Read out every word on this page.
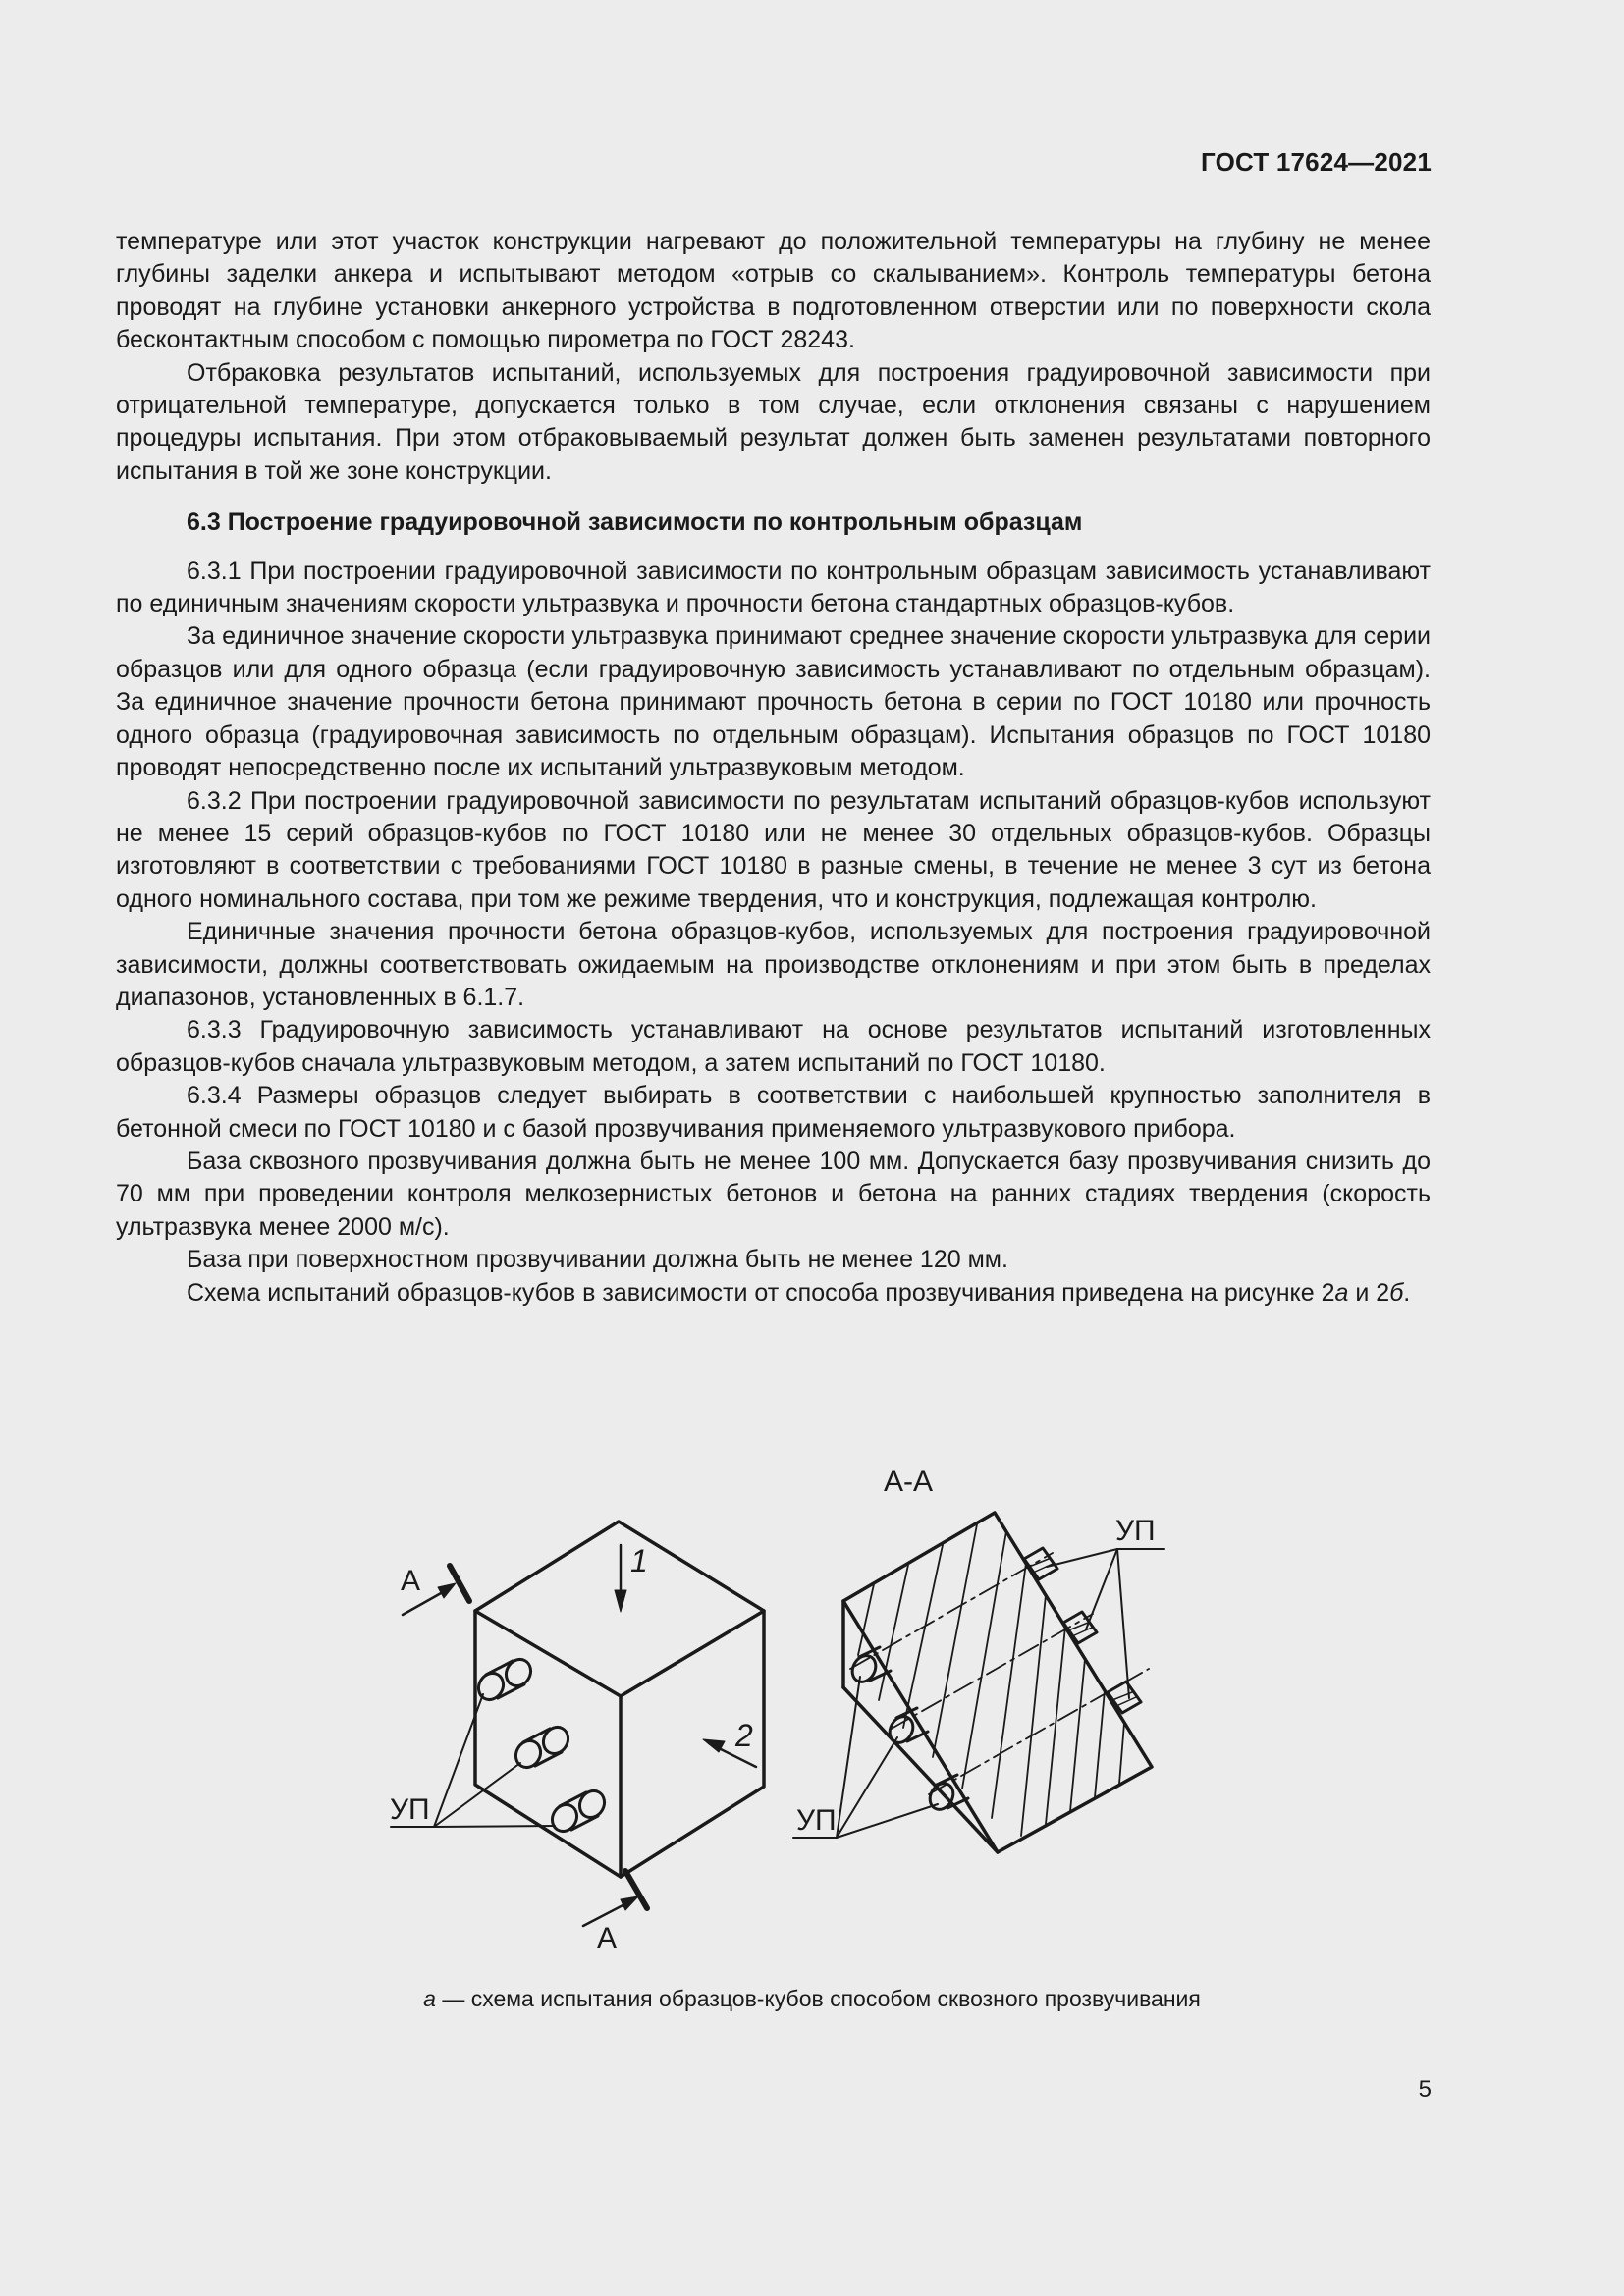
ГОСТ 17624—2021

температуре или этот участок конструкции нагревают до положительной температуры на глубину не менее глубины заделки анкера и испытывают методом «отрыв со скалыванием». Контроль температуры бетона проводят на глубине установки анкерного устройства в подготовленном отверстии или по поверхности скола бесконтактным способом с помощью пирометра по ГОСТ 28243.

Отбраковка результатов испытаний, используемых для построения градуировочной зависимости при отрицательной температуре, допускается только в том случае, если отклонения связаны с нарушением процедуры испытания. При этом отбраковываемый результат должен быть заменен результатами повторного испытания в той же зоне конструкции.

6.3 Построение градуировочной зависимости по контрольным образцам

6.3.1 При построении градуировочной зависимости по контрольным образцам зависимость устанавливают по единичным значениям скорости ультразвука и прочности бетона стандартных образцов-кубов.

За единичное значение скорости ультразвука принимают среднее значение скорости ультразвука для серии образцов или для одного образца (если градуировочную зависимость устанавливают по отдельным образцам). За единичное значение прочности бетона принимают прочность бетона в серии по ГОСТ 10180 или прочность одного образца (градуировочная зависимость по отдельным образцам). Испытания образцов по ГОСТ 10180 проводят непосредственно после их испытаний ультразвуковым методом.

6.3.2 При построении градуировочной зависимости по результатам испытаний образцов-кубов используют не менее 15 серий образцов-кубов по ГОСТ 10180 или не менее 30 отдельных образцов-кубов. Образцы изготовляют в соответствии с требованиями ГОСТ 10180 в разные смены, в течение не менее 3 сут из бетона одного номинального состава, при том же режиме твердения, что и конструкция, подлежащая контролю.

Единичные значения прочности бетона образцов-кубов, используемых для построения градуировочной зависимости, должны соответствовать ожидаемым на производстве отклонениям и при этом быть в пределах диапазонов, установленных в 6.1.7.

6.3.3 Градуировочную зависимость устанавливают на основе результатов испытаний изготовленных образцов-кубов сначала ультразвуковым методом, а затем испытаний по ГОСТ 10180.

6.3.4 Размеры образцов следует выбирать в соответствии с наибольшей крупностью заполнителя в бетонной смеси по ГОСТ 10180 и с базой прозвучивания применяемого ультразвукового прибора.

База сквозного прозвучивания должна быть не менее 100 мм. Допускается базу прозвучивания снизить до 70 мм при проведении контроля мелкозернистых бетонов и бетона на ранних стадиях твердения (скорость ультразвука менее 2000 м/с).

База при поверхностном прозвучивании должна быть не менее 120 мм.

Схема испытаний образцов-кубов в зависимости от способа прозвучивания приведена на рисунке 2а и 2б.

А
А
1
2
УП
А-А
УП
УП
а — схема испытания образцов-кубов способом сквозного прозвучивания
5
